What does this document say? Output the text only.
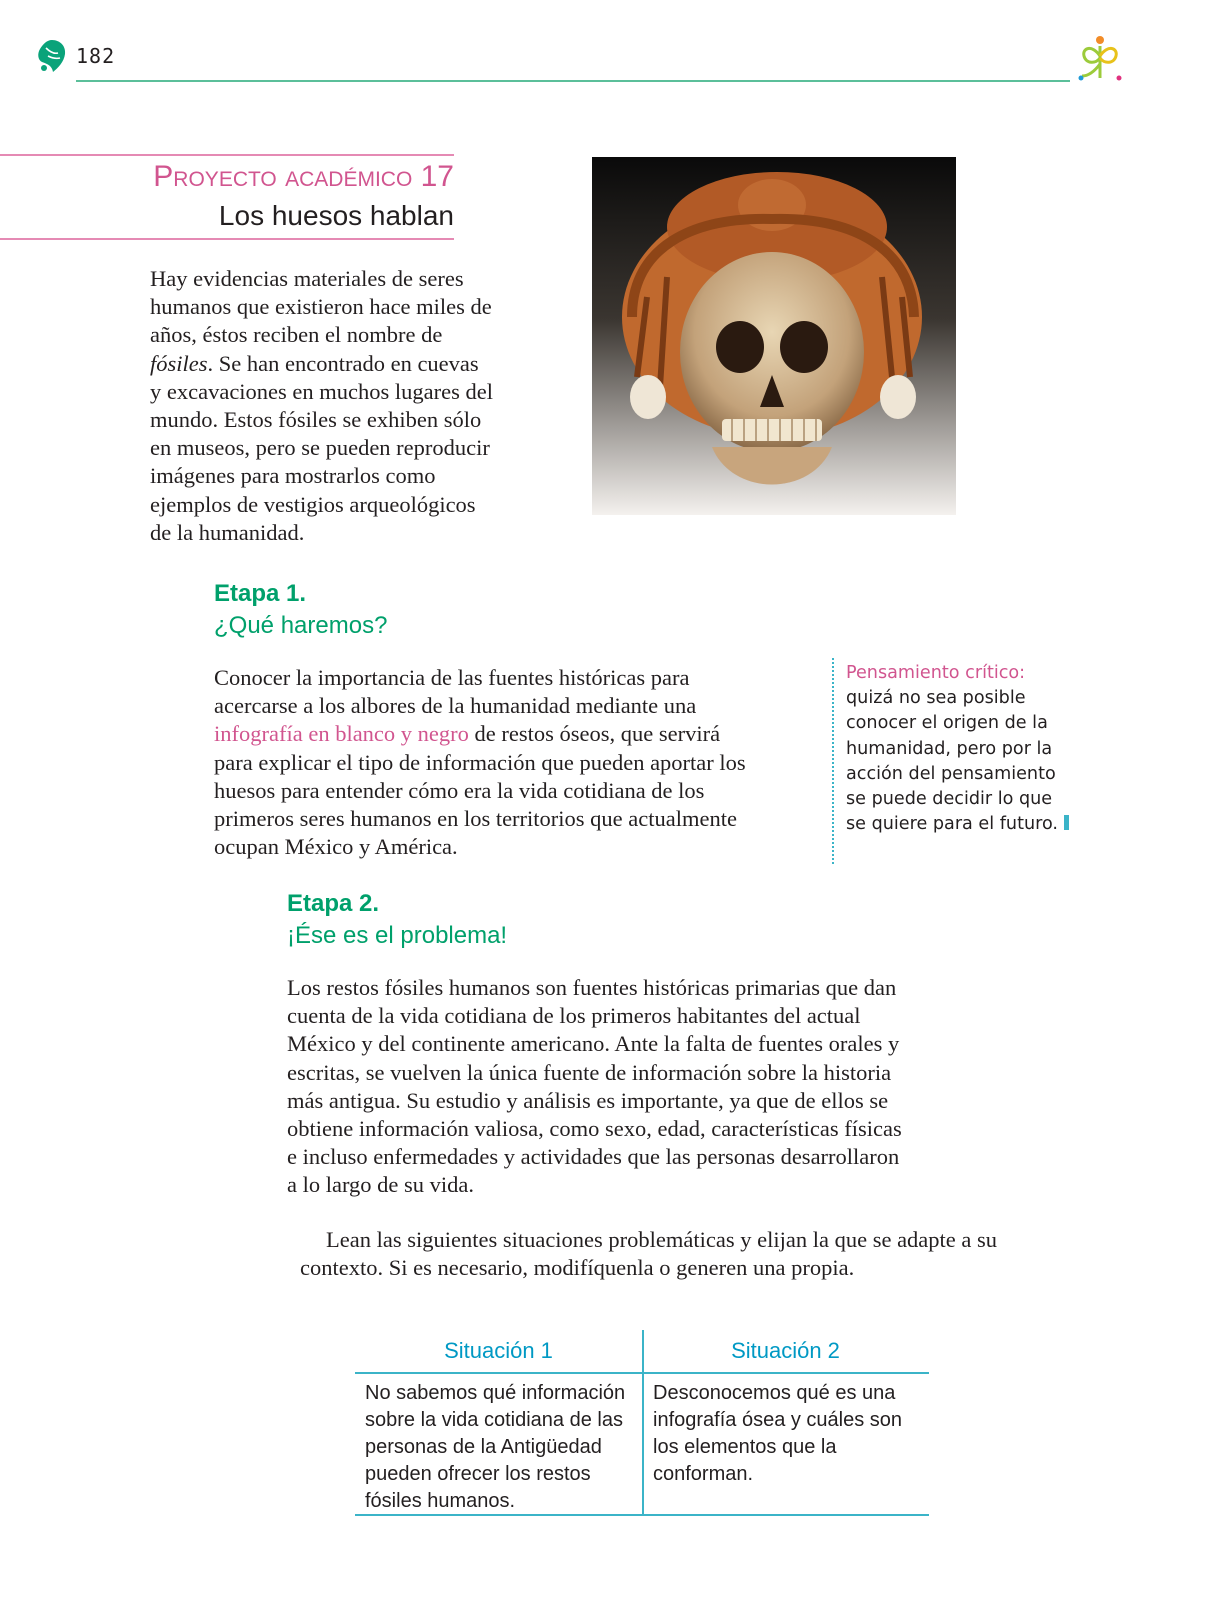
182
Proyecto académico 17
Los huesos hablan
Hay evidencias materiales de seres humanos que existieron hace miles de años, éstos reciben el nombre de fósiles. Se han encontrado en cuevas y excavaciones en muchos lugares del mundo. Estos fósiles se exhiben sólo en museos, pero se pueden reproducir imágenes para mostrarlos como ejemplos de vestigios arqueológicos de la humanidad.
Etapa 1.
¿Qué haremos?
Conocer la importancia de las fuentes históricas para acercarse a los albores de la humanidad mediante una infografía en blanco y negro de restos óseos, que servirá para explicar el tipo de información que pueden aportar los huesos para entender cómo era la vida cotidiana de los primeros seres humanos en los territorios que actualmente ocupan México y América.
Pensamiento crítico:
quizá no sea posible conocer el origen de la humanidad, pero por la acción del pensamiento se puede decidir lo que se quiere para el futuro.
Etapa 2.
¡Ése es el problema!
Los restos fósiles humanos son fuentes históricas primarias que dan cuenta de la vida cotidiana de los primeros habitantes del actual México y del continente americano. Ante la falta de fuentes orales y escritas, se vuelven la única fuente de información sobre la historia más antigua. Su estudio y análisis es importante, ya que de ellos se obtiene información valiosa, como sexo, edad, características físicas e incluso enfermedades y actividades que las personas desarrollaron a lo largo de su vida.
Lean las siguientes situaciones problemáticas y elijan la que se adapte a su contexto. Si es necesario, modifíquenla o generen una propia.
Situación 1	Situación 2
No sabemos qué información sobre la vida cotidiana de las personas de la Antigüedad pueden ofrecer los restos fósiles humanos.
Desconocemos qué es una infografía ósea y cuáles son los elementos que la conforman.
